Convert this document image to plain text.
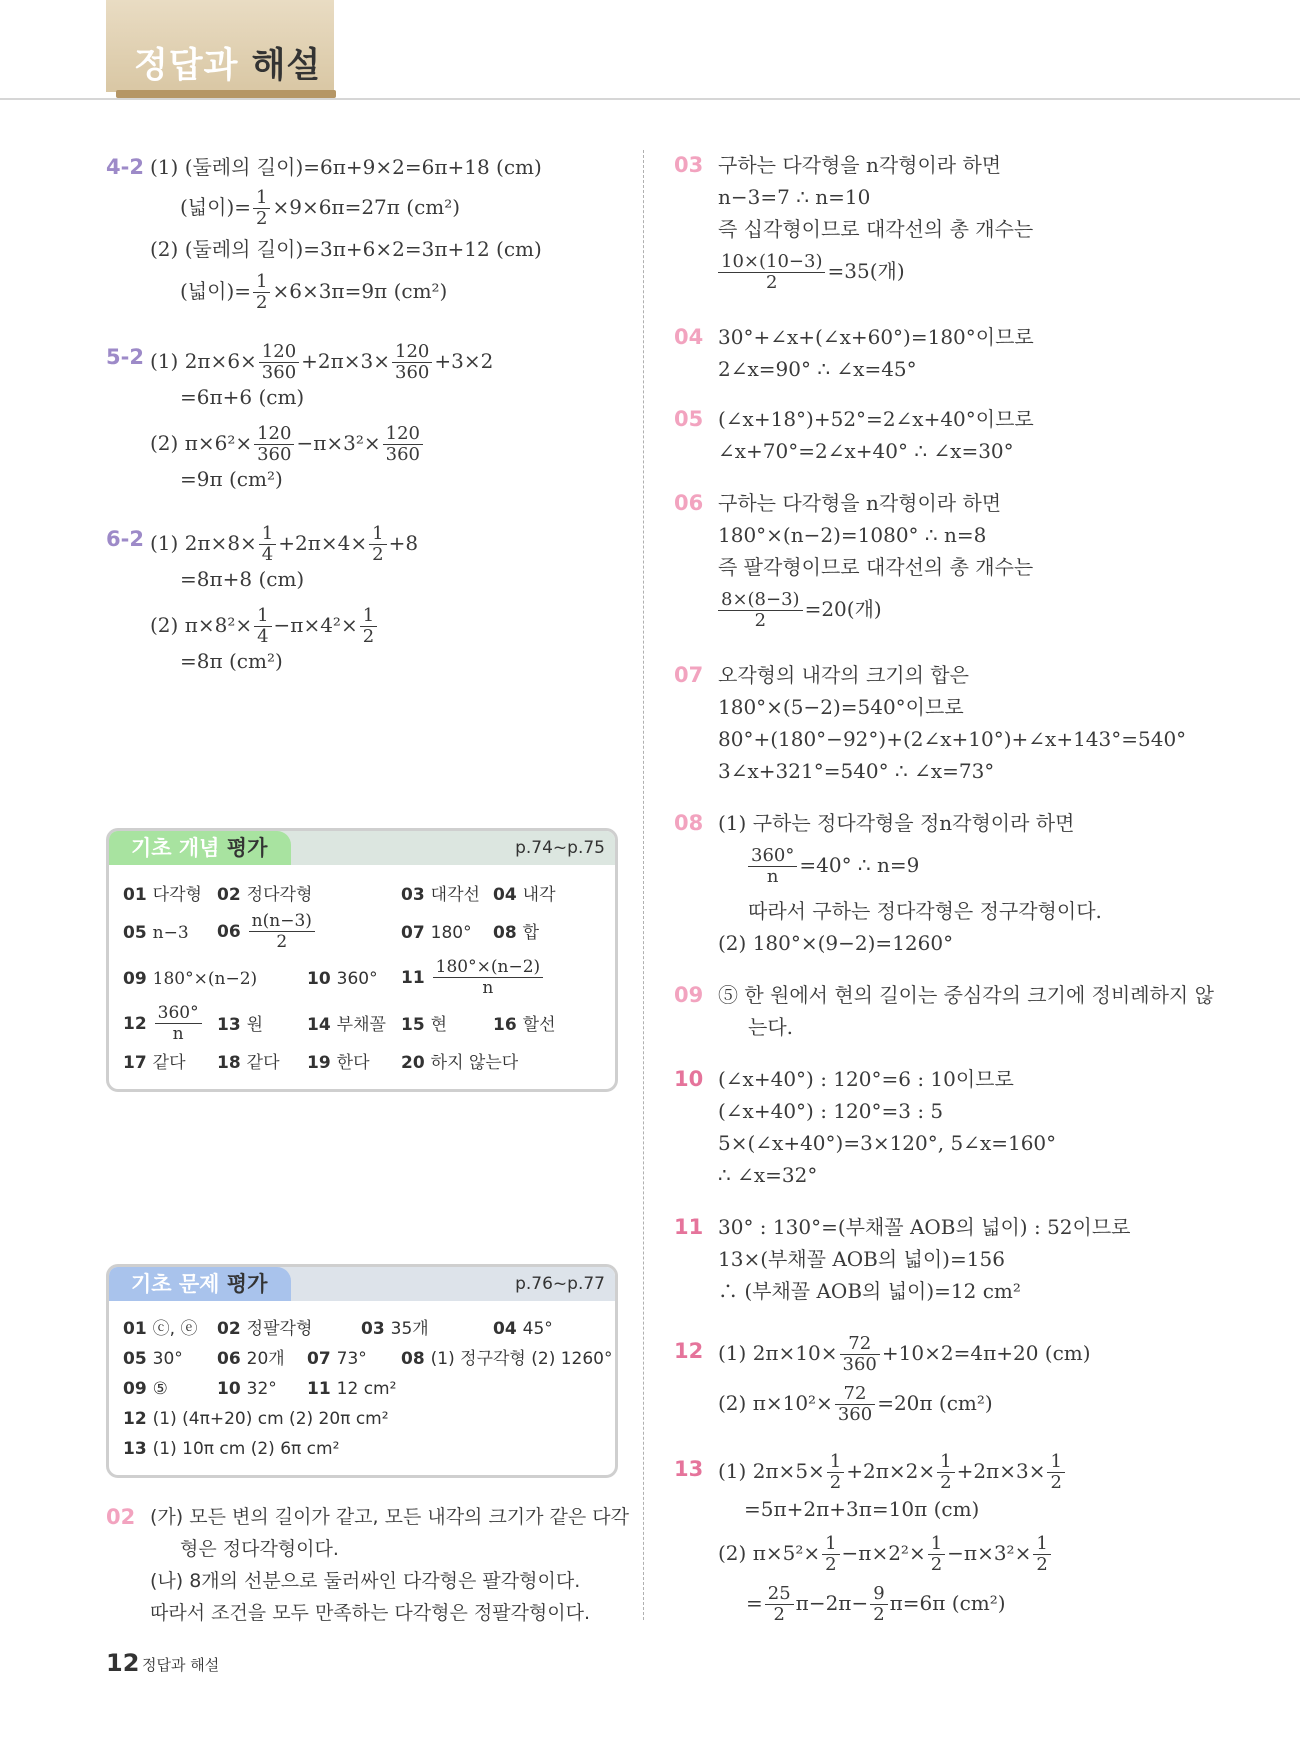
정답과 해설
4-2 (1) (둘레의 길이)=6π+9×2=6π+18 (cm)
(넓이)= $\frac{1}{2} \times 9\times 6\pi=27\pi$ (cm²)
(2) (둘레의 길이)=3π+6×2=3π+12 (cm)
(넓이)= $\frac{1}{2} \times 6\times 3\pi=9\pi$ (cm²)
5-2 (1) $2\pi\times 6\times \frac{120}{360} +2\pi\times 3\times \frac{120}{360} +3\times 2$
=6π+6 (cm)
(2) $\pi\times 6^2\times \frac{120}{360} -\pi\times 3^2\times \frac{120}{360}$
=9π (cm²)
6-2 (1) $2\pi\times 8\times \frac{1}{4} +2\pi\times 4\times \frac{1}{2} +8$
=8π+8 (cm)
(2) $\pi\times 8^2\times \frac{1}{4} -\pi\times 4^2\times \frac{1}{2}$
=8π (cm²)
기초 개념 평가	p.74~p.75
01 다각형 02 정다각형	03 대각선 04 내각
05 n−3 $06 \frac{n(n-3)}{2}$	07 180° 08 합
09 180°×(n−2)	10 360° $11 \frac{180^\circ\times(n-2)}{n}$
$12 \frac{360^\circ}{n} 13$ 원	14 부채꼴 15 현	16 할선
17 같다 18 같다 19 한다 20 하지 않는다
기초 문제 평가	p.76~p.77
01 ⓒ, ⓔ 02 정팔각형	03 35개	04 45°
05 30° 06 20개 07 73° 08 (1) 정구각형 (2) 1260°
09 ⑤	10 32° 11 12 cm²
12 (1) (4π+20) cm (2) 20π cm²
13 (1) 10π cm (2) 6π cm²
02 (가) 모든 변의 길이가 같고, 모든 내각의 크기가 같은 다각
형은 정다각형이다.
(나) 8개의 선분으로 둘러싸인 다각형은 팔각형이다.
따라서 조건을 모두 만족하는 다각형은 정팔각형이다.
03 구하는 다각형을 n각형이라 하면
n−3=7 ∴ n=10
즉 십각형이므로 대각선의 총 개수는
$\frac{10\times(10-3)}{2} =35$(개)
04 30°+∠x+(∠x+60°)=180°이므로
2∠x=90° ∴ ∠x=45°
05 (∠x+18°)+52°=2∠x+40°이므로
∠x+70°=2∠x+40° ∴ ∠x=30°
06 구하는 다각형을 n각형이라 하면
180°×(n−2)=1080° ∴ n=8
즉 팔각형이므로 대각선의 총 개수는
$\frac{8\times(8-3)}{2} =20$(개)
07 오각형의 내각의 크기의 합은
180°×(5−2)=540°이므로
80°+(180°−92°)+(2∠x+10°)+∠x+143°=540°
3∠x+321°=540° ∴ ∠x=73°
08 (1) 구하는 정다각형을 정n각형이라 하면
$\frac{360^\circ}{n} =40^\circ$ ∴ n=9
따라서 구하는 정다각형은 정구각형이다.
(2) 180°×(9−2)=1260°
09 ⑤ 한 원에서 현의 길이는 중심각의 크기에 정비례하지 않
는다.
10 (∠x+40°) : 120°=6 : 10이므로
(∠x+40°) : 120°=3 : 5
5×(∠x+40°)=3×120°, 5∠x=160°
∴ ∠x=32°
11 30° : 130°=(부채꼴 AOB의 넓이) : 52이므로
13×(부채꼴 AOB의 넓이)=156
∴ (부채꼴 AOB의 넓이)=12 cm²
12 (1) $2\pi\times 10\times \frac{72}{360} +10\times 2=4\pi+20$ (cm)
(2) $\pi\times 10^2\times \frac{72}{360} =20\pi$ (cm²)
13 (1) $2\pi\times 5\times \frac{1}{2} +2\pi\times 2\times \frac{1}{2} +2\pi\times 3\times \frac{1}{2}$
=5π+2π+3π=10π (cm)
(2) $\pi\times 5^2\times \frac{1}{2} -\pi\times 2^2\times \frac{1}{2} -\pi\times 3^2\times \frac{1}{2}$
= $\frac{25}{2} \pi-2\pi- \frac{9}{2} \pi=6\pi$ (cm²)
12 정답과 해설
